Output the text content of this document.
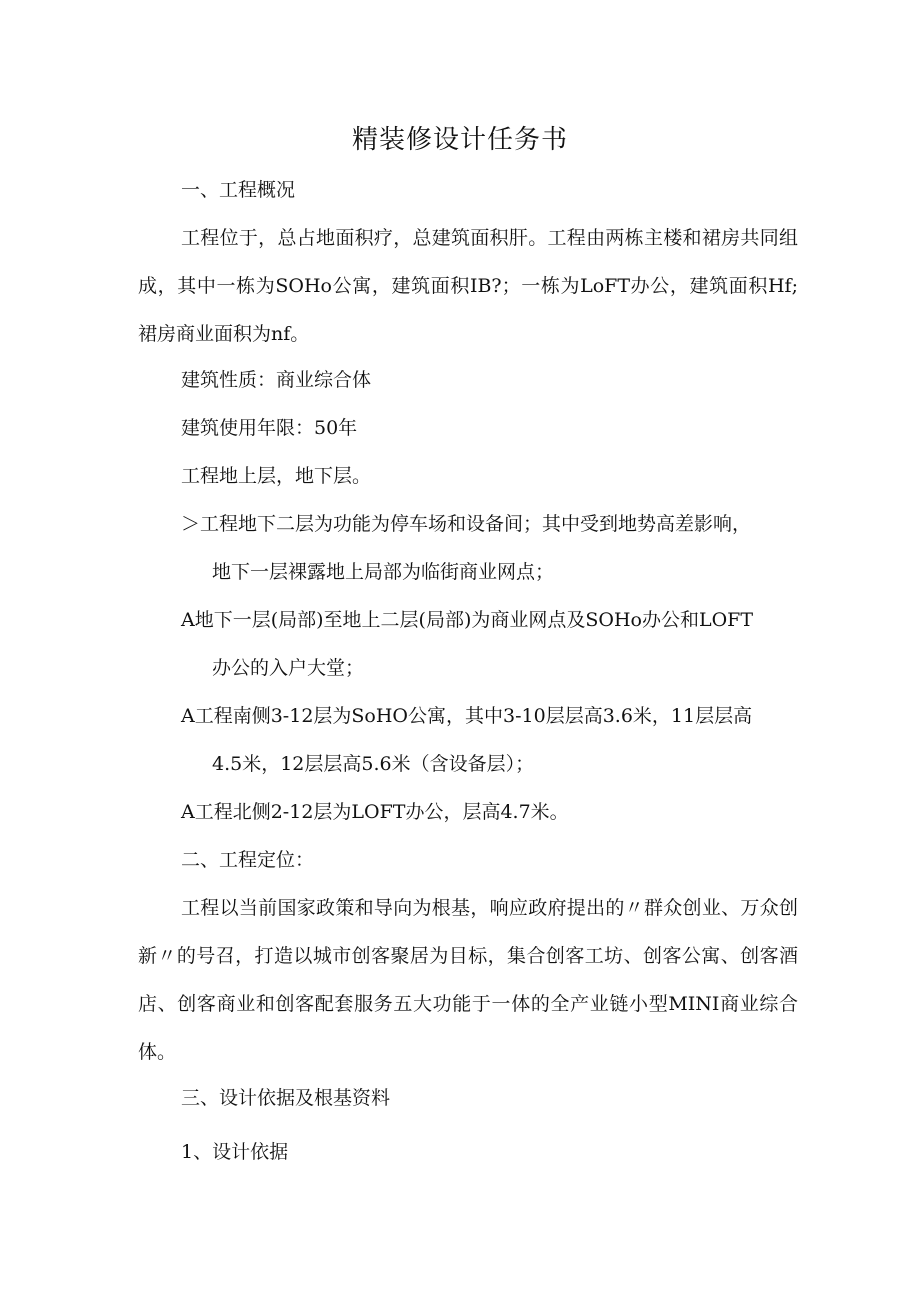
精装修设计任务书
一、工程概况
工程位于，总占地面积疗，总建筑面积肝。工程由两栋主楼和裙房共同组成，其中一栋为SOHo公寓，建筑面积IB?；一栋为LoFT办公，建筑面积Hf;裙房商业面积为nf。
建筑性质：商业综合体
建筑使用年限：50年
工程地上层，地下层。
＞工程地下二层为功能为停车场和设备间；其中受到地势高差影响，
地下一层裸露地上局部为临街商业网点；
A地下一层(局部)至地上二层(局部)为商业网点及SOHo办公和LOFT
办公的入户大堂；
A工程南侧3-12层为SoHO公寓，其中3-10层层高3.6米，11层层高
4.5米，12层层高5.6米（含设备层）；
A工程北侧2-12层为LOFT办公，层高4.7米。
二、工程定位：
工程以当前国家政策和导向为根基，响应政府提出的〃群众创业、万众创新〃的号召，打造以城市创客聚居为目标，集合创客工坊、创客公寓、创客酒店、创客商业和创客配套服务五大功能于一体的全产业链小型MINI商业综合体。
三、设计依据及根基资料
1、设计依据
